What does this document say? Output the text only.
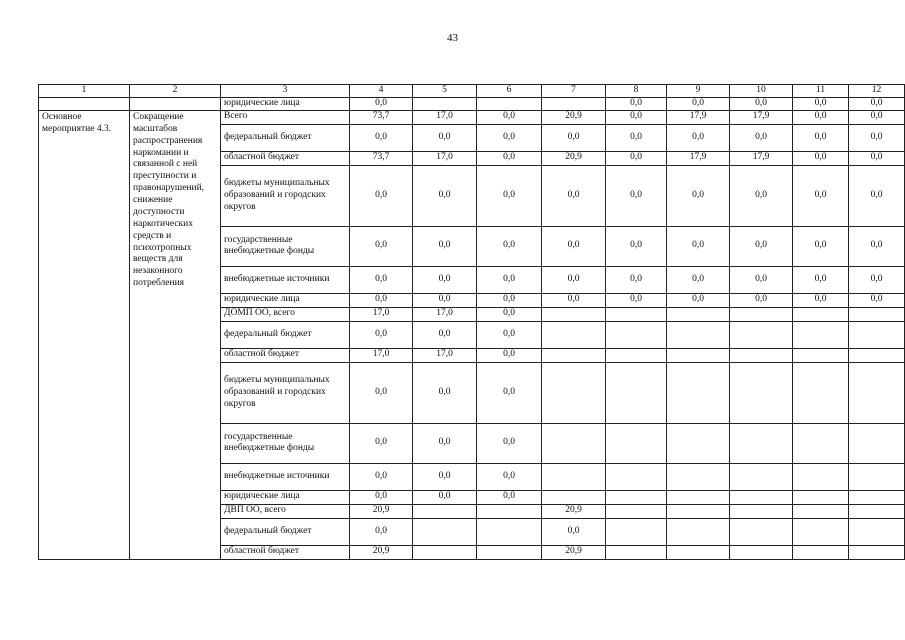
43
1	2	3	4	5	6	7	8	9	10	11	12
		юридические лица	0,0				0,0	0,0	0,0	0,0	0,0
Основное мероприятие 4.3.	Сокращение масштабов распространения наркомании и связанной с ней преступности и правонарушений, снижение доступности наркотических средств и психотропных веществ для незаконного потребления	Всего	73,7	17,0	0,0	20,9	0,0	17,9	17,9	0,0	0,0
		федеральный бюджет	0,0	0,0	0,0	0,0	0,0	0,0	0,0	0,0	0,0
		областной бюджет	73,7	17,0	0,0	20,9	0,0	17,9	17,9	0,0	0,0
		бюджеты муниципальных образований и городских округов	0,0	0,0	0,0	0,0	0,0	0,0	0,0	0,0	0,0
		государственные внебюджетные фонды	0,0	0,0	0,0	0,0	0,0	0,0	0,0	0,0	0,0
		внебюджетные источники	0,0	0,0	0,0	0,0	0,0	0,0	0,0	0,0	0,0
		юридические лица	0,0	0,0	0,0	0,0	0,0	0,0	0,0	0,0	0,0
		ДОМП ОО, всего	17,0	17,0	0,0						
		федеральный бюджет	0,0	0,0	0,0						
		областной бюджет	17,0	17,0	0,0						
		бюджеты муниципальных образований и городских округов	0,0	0,0	0,0						
		государственные внебюджетные фонды	0,0	0,0	0,0						
		внебюджетные источники	0,0	0,0	0,0						
		юридические лица	0,0	0,0	0,0						
		ДВП ОО, всего	20,9			20,9					
		федеральный бюджет	0,0			0,0					
		областной бюджет	20,9			20,9					
